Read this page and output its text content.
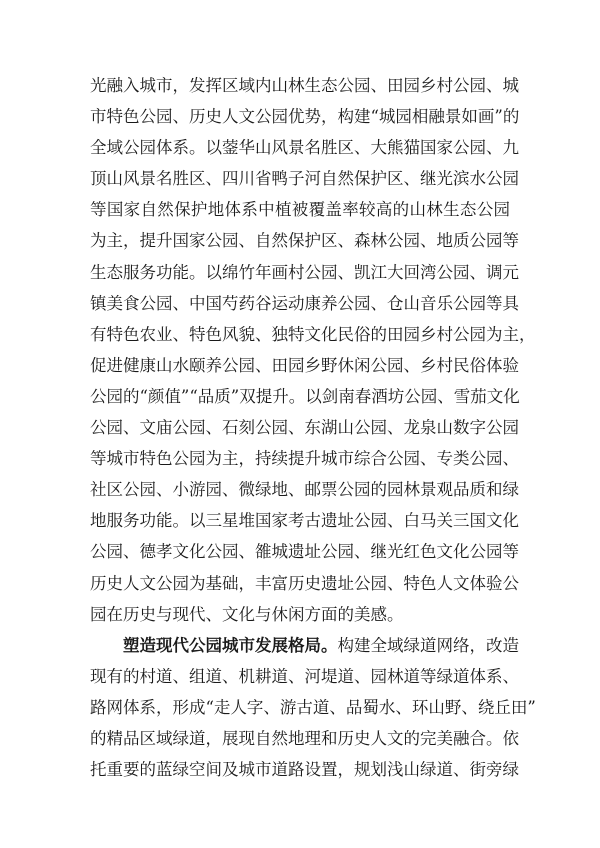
光融入城市，发挥区域内山林生态公园、田园乡村公园、城
市特色公园、历史人文公园优势，构建“城园相融景如画”的
全域公园体系。以蓥华山风景名胜区、大熊猫国家公园、九
顶山风景名胜区、四川省鸭子河自然保护区、继光滨水公园
等国家自然保护地体系中植被覆盖率较高的山林生态公园
为主，提升国家公园、自然保护区、森林公园、地质公园等
生态服务功能。以绵竹年画村公园、凯江大回湾公园、调元
镇美食公园、中国芍药谷运动康养公园、仓山音乐公园等具
有特色农业、特色风貌、独特文化民俗的田园乡村公园为主，
促进健康山水颐养公园、田园乡野休闲公园、乡村民俗体验
公园的“颜值”“品质”双提升。以剑南春酒坊公园、雪茄文化
公园、文庙公园、石刻公园、东湖山公园、龙泉山数字公园
等城市特色公园为主，持续提升城市综合公园、专类公园、
社区公园、小游园、微绿地、邮票公园的园林景观品质和绿
地服务功能。以三星堆国家考古遗址公园、白马关三国文化
公园、德孝文化公园、雒城遗址公园、继光红色文化公园等
历史人文公园为基础，丰富历史遗址公园、特色人文体验公
园在历史与现代、文化与休闲方面的美感。
塑造现代公园城市发展格局。构建全域绿道网络，改造
现有的村道、组道、机耕道、河堤道、园林道等绿道体系、
路网体系，形成“走人字、游古道、品蜀水、环山野、绕丘田”
的精品区域绿道，展现自然地理和历史人文的完美融合。依
托重要的蓝绿空间及城市道路设置，规划浅山绿道、街旁绿
